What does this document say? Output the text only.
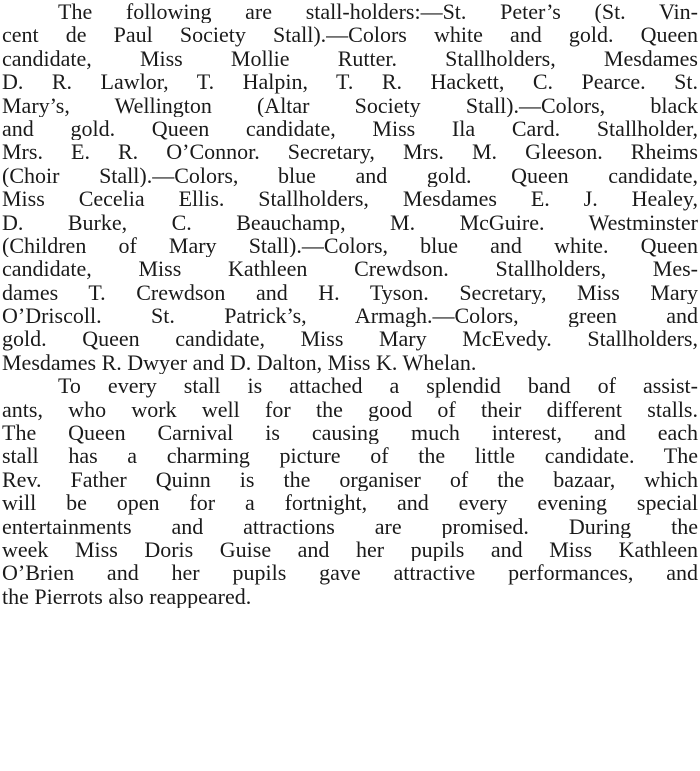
The following are stall-holders:—St. Peter’s (St. Vin-
cent de Paul Society Stall).—Colors white and gold. Queen
candidate, Miss Mollie Rutter. Stallholders, Mesdames
D. R. Lawlor, T. Halpin, T. R. Hackett, C. Pearce. St.
Mary’s, Wellington (Altar Society Stall).—Colors, black
and gold. Queen candidate, Miss Ila Card. Stallholder,
Mrs. E. R. O’Connor. Secretary, Mrs. M. Gleeson. Rheims
(Choir Stall).—Colors, blue and gold. Queen candidate,
Miss Cecelia Ellis. Stallholders, Mesdames E. J. Healey,
D. Burke, C. Beauchamp, M. McGuire. Westminster
(Children of Mary Stall).—Colors, blue and white. Queen
candidate, Miss Kathleen Crewdson. Stallholders, Mes-
dames T. Crewdson and H. Tyson. Secretary, Miss Mary
O’Driscoll. St. Patrick’s, Armagh.—Colors, green and
gold. Queen candidate, Miss Mary McEvedy. Stallholders,
Mesdames R. Dwyer and D. Dalton, Miss K. Whelan.
To every stall is attached a splendid band of assist-
ants, who work well for the good of their different stalls.
The Queen Carnival is causing much interest, and each
stall has a charming picture of the little candidate. The
Rev. Father Quinn is the organiser of the bazaar, which
will be open for a fortnight, and every evening special
entertainments and attractions are promised. During the
week Miss Doris Guise and her pupils and Miss Kathleen
O’Brien and her pupils gave attractive performances, and
the Pierrots also reappeared.
